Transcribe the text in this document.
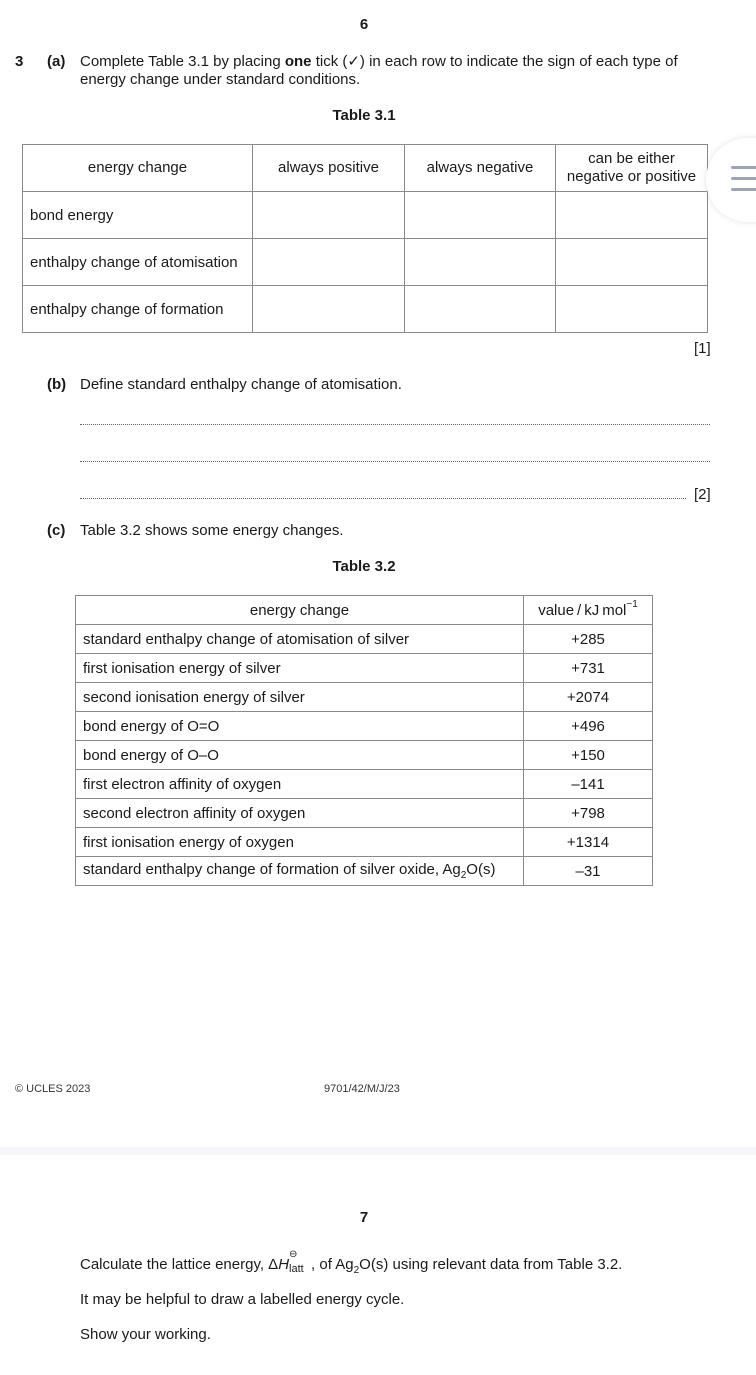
6
3 (a) Complete Table 3.1 by placing one tick (✓) in each row to indicate the sign of each type of
energy change under standard conditions.
Table 3.1
energy change	always positive	always negative	can be either
negative or positive
bond energy			
enthalpy change of atomisation			
enthalpy change of formation			
[1]
(b) Define standard enthalpy change of atomisation.
[2]
(c) Table 3.2 shows some energy changes.
Table 3.2
energy change	value / kJ mol$^{-1}$
standard enthalpy change of atomisation of silver	+285
first ionisation energy of silver	+731
second ionisation energy of silver	+2074
bond energy of O=O	+496
bond energy of O–O	+150
first electron affinity of oxygen	–141
second electron affinity of oxygen	+798
first ionisation energy of oxygen	+1314
standard enthalpy change of formation of silver oxide, $Ag_2O(s)$	–31
© UCLES 2023	9701/42/M/J/23
7
Calculate the lattice energy, ΔH
⊖
latt , of $Ag_2O(s)$ using relevant data from Table 3.2.
It may be helpful to draw a labelled energy cycle.
Show your working.
